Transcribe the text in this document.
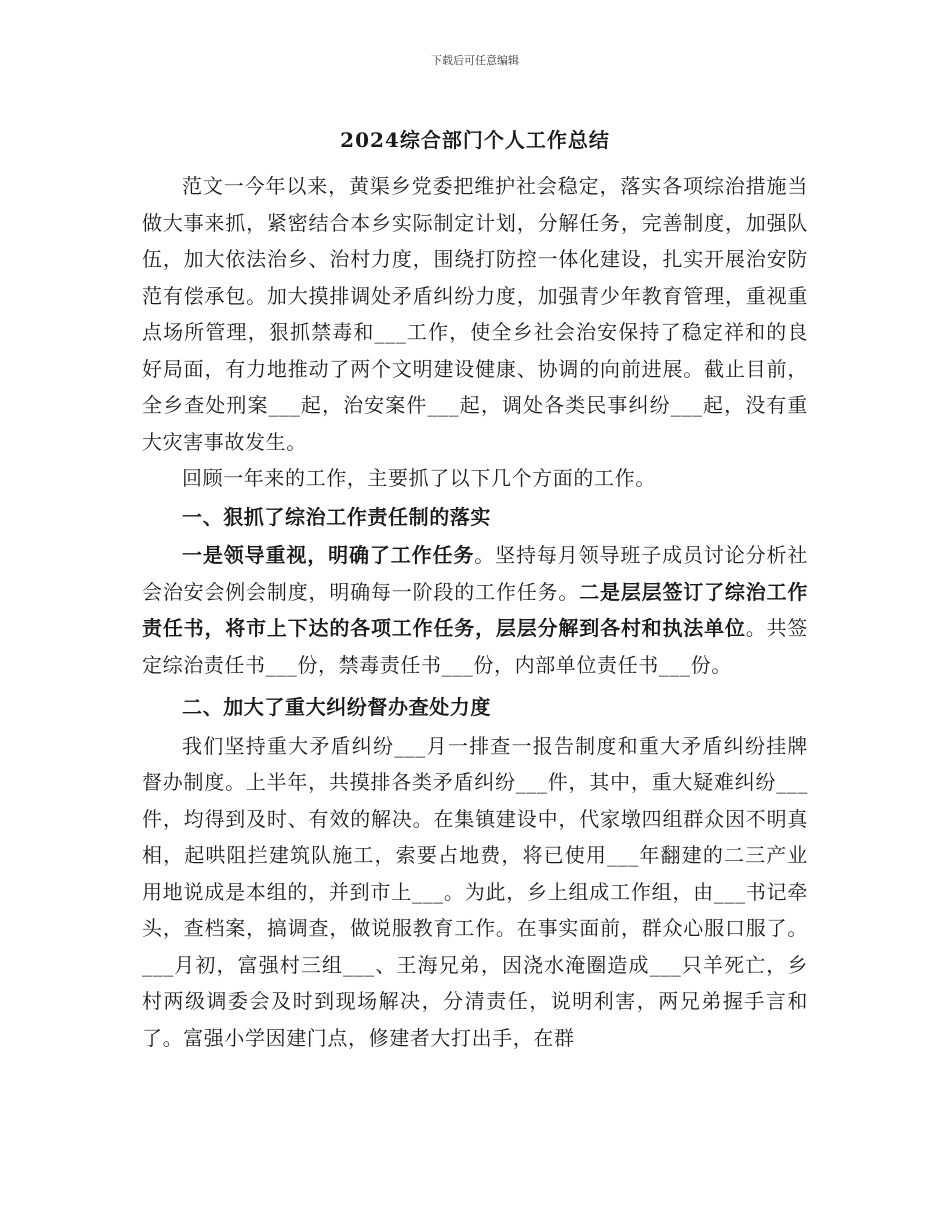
下载后可任意编辑
2024综合部门个人工作总结

范文一今年以来，黄渠乡党委把维护社会稳定，落实各项综治措施当做大事来抓，紧密结合本乡实际制定计划，分解任务，完善制度，加强队伍，加大依法治乡、治村力度，围绕打防控一体化建设，扎实开展治安防范有偿承包。加大摸排调处矛盾纠纷力度，加强青少年教育管理，重视重点场所管理，狠抓禁毒和___工作，使全乡社会治安保持了稳定祥和的良好局面，有力地推动了两个文明建设健康、协调的向前进展。截止目前，全乡查处刑案___起，治安案件___起，调处各类民事纠纷___起，没有重大灾害事故发生。

回顾一年来的工作，主要抓了以下几个方面的工作。

一、狠抓了综治工作责任制的落实

一是领导重视，明确了工作任务。坚持每月领导班子成员讨论分析社会治安会例会制度，明确每一阶段的工作任务。二是层层签订了综治工作责任书，将市上下达的各项工作任务，层层分解到各村和执法单位。共签定综治责任书___份，禁毒责任书___份，内部单位责任书___份。

二、加大了重大纠纷督办查处力度

我们坚持重大矛盾纠纷___月一排查一报告制度和重大矛盾纠纷挂牌督办制度。上半年，共摸排各类矛盾纠纷___件，其中，重大疑难纠纷___件，均得到及时、有效的解决。在集镇建设中，代家墩四组群众因不明真相，起哄阻拦建筑队施工，索要占地费，将已使用___年翻建的二三产业用地说成是本组的，并到市上___。为此，乡上组成工作组，由___书记牵头，查档案，搞调查，做说服教育工作。在事实面前，群众心服口服了。___月初，富强村三组___、王海兄弟，因浇水淹圈造成___只羊死亡，乡村两级调委会及时到现场解决，分清责任，说明利害，两兄弟握手言和了。富强小学因建门点，修建者大打出手，在群
